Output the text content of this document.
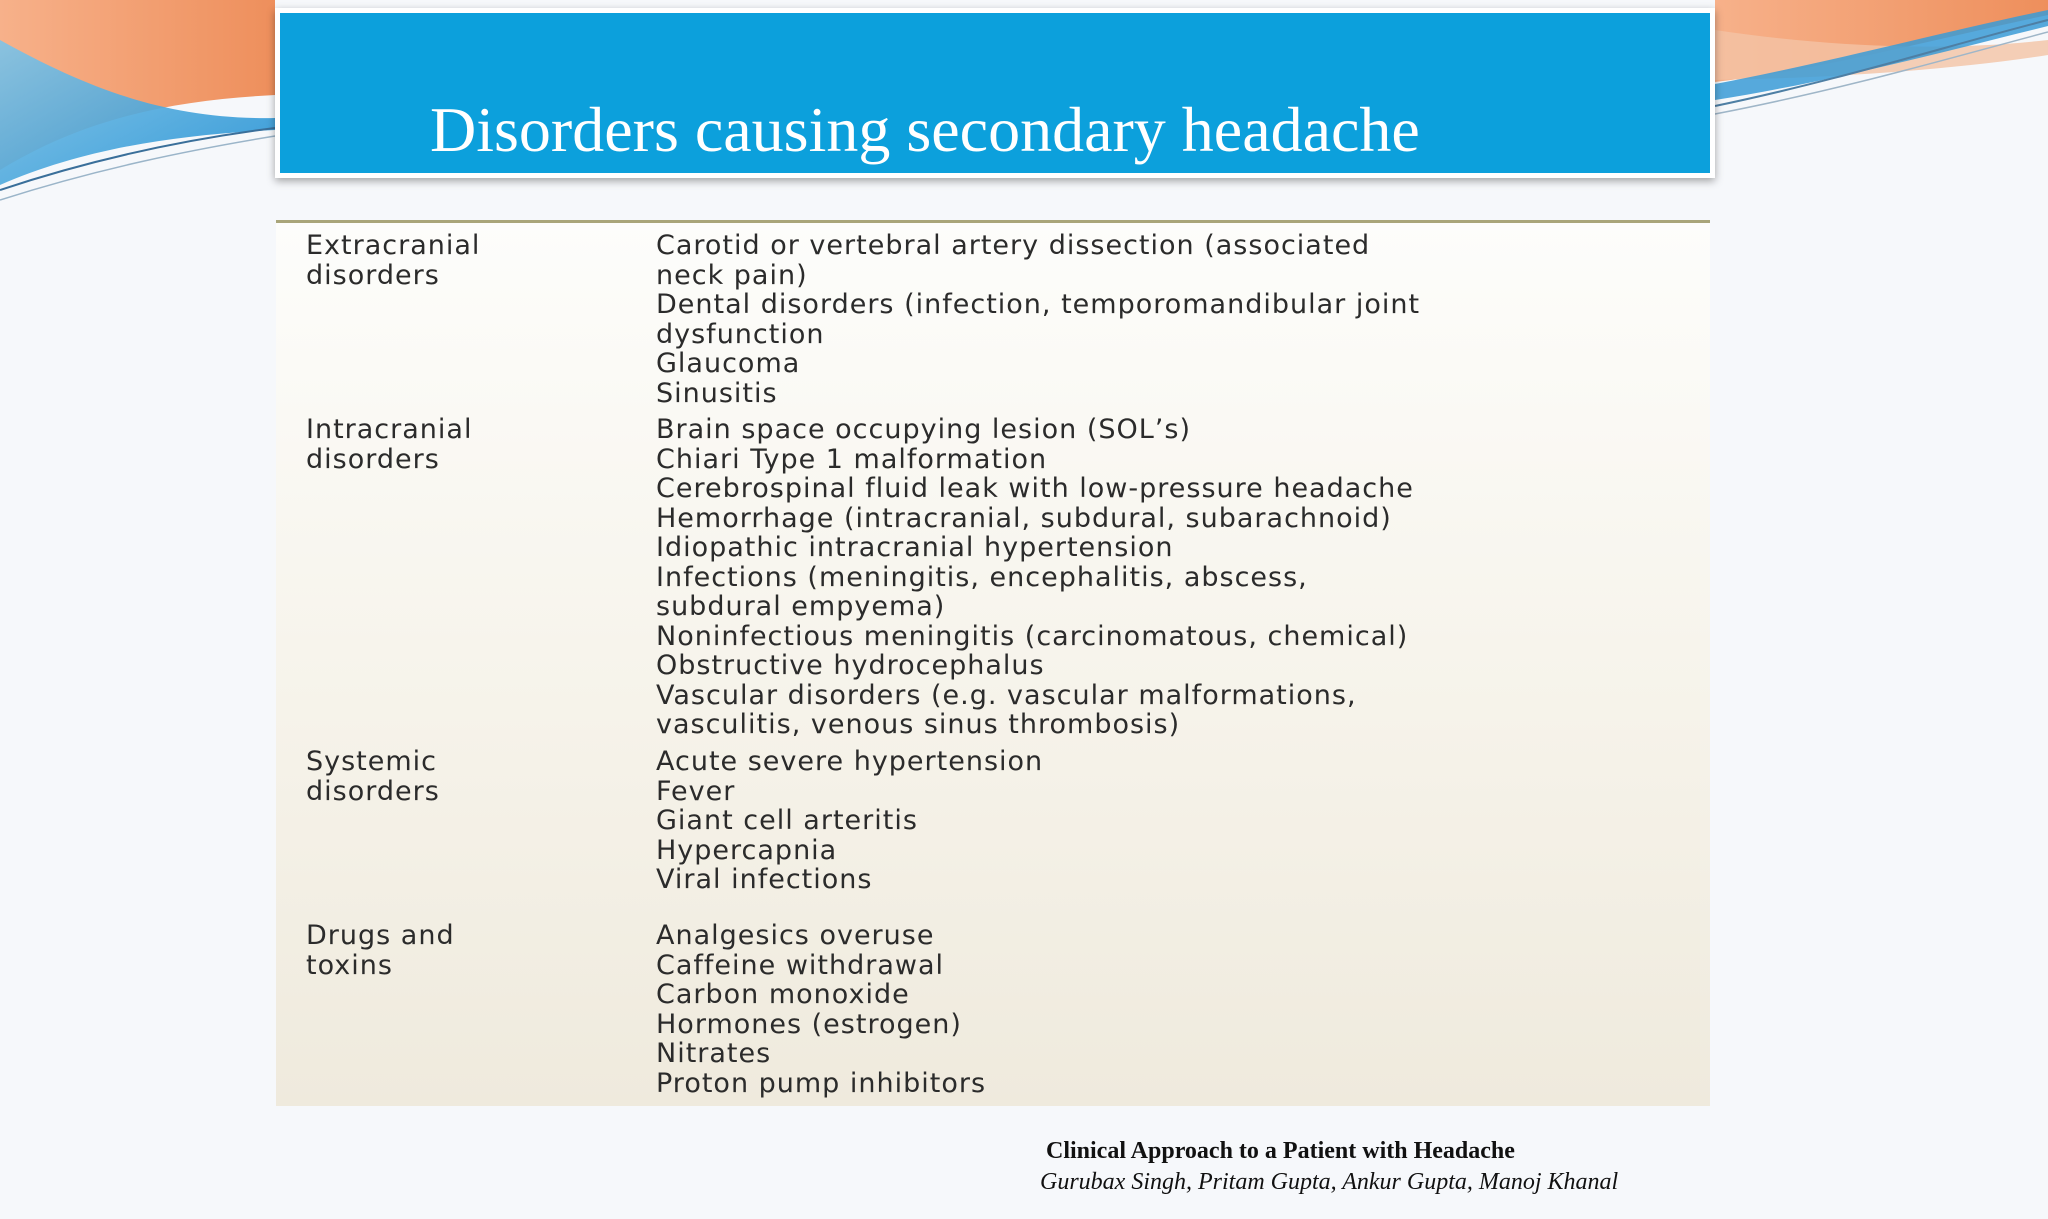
Disorders causing secondary headache

Extracranial
disorders

Carotid or vertebral artery dissection (associated
neck pain)
Dental disorders (infection, temporomandibular joint
dysfunction
Glaucoma
Sinusitis

Intracranial
disorders

Brain space occupying lesion (SOL’s)
Chiari Type 1 malformation
Cerebrospinal fluid leak with low-pressure headache
Hemorrhage (intracranial, subdural, subarachnoid)
Idiopathic intracranial hypertension
Infections (meningitis, encephalitis, abscess,
subdural empyema)
Noninfectious meningitis (carcinomatous, chemical)
Obstructive hydrocephalus
Vascular disorders (e.g. vascular malformations,
vasculitis, venous sinus thrombosis)

Systemic
disorders

Acute severe hypertension
Fever
Giant cell arteritis
Hypercapnia
Viral infections

Drugs and
toxins

Analgesics overuse
Caffeine withdrawal
Carbon monoxide
Hormones (estrogen)
Nitrates
Proton pump inhibitors
Clinical Approach to a Patient with Headache
Gurubax Singh, Pritam Gupta, Ankur Gupta, Manoj Khanal
